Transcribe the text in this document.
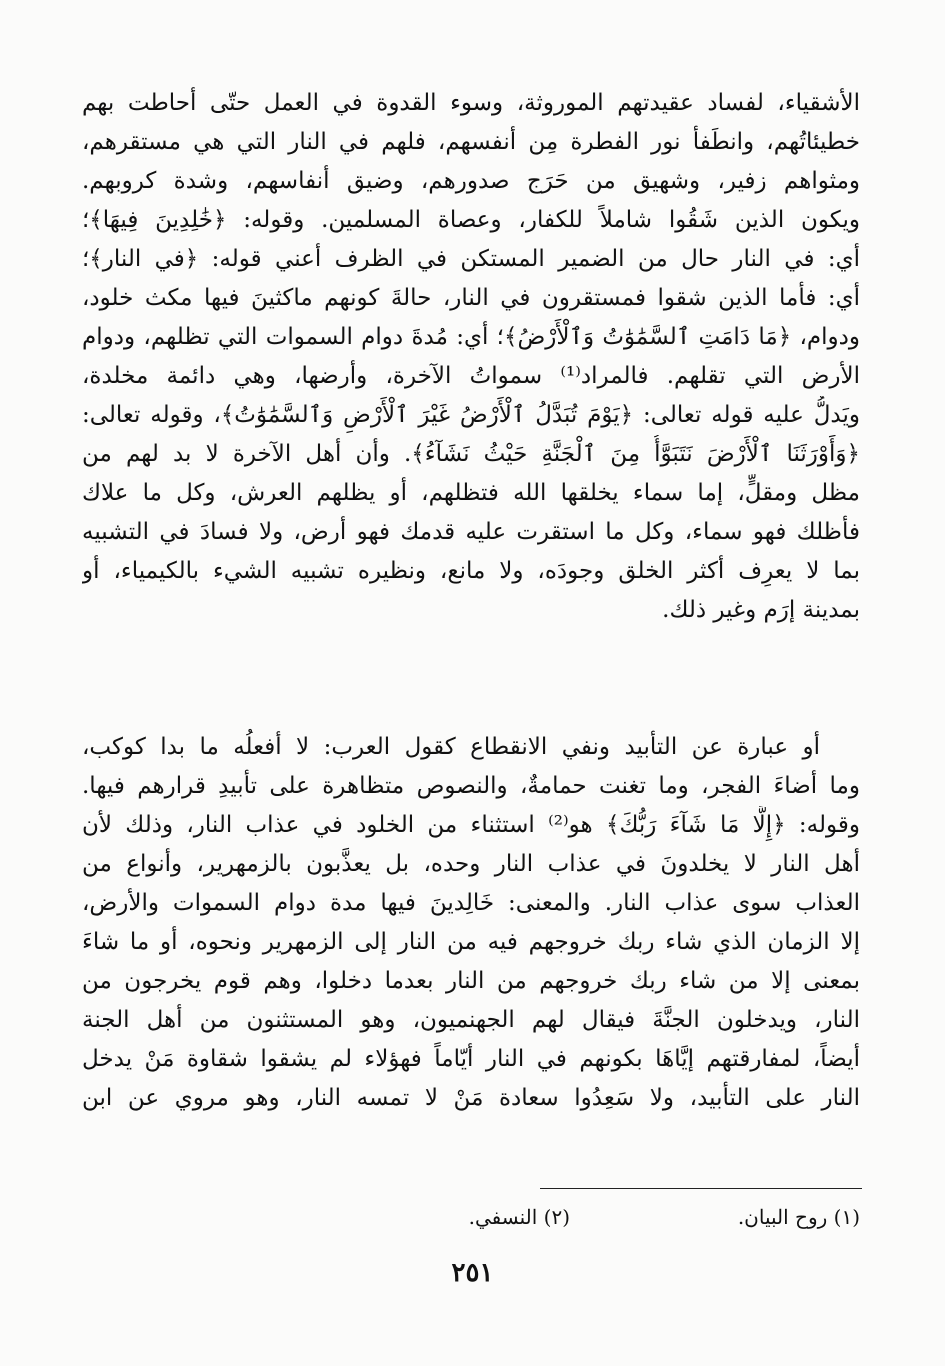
الأشقياء، لفساد عقيدتهم الموروثة، وسوء القدوة في العمل حتّى أحاطت بهم
خطيئاتُهم، وانطَفأ نور الفطرة مِن أنفسهم، فلهم في النار التي هي مستقرهم،
ومثواهم زفير، وشهيق من حَرَج صدورهم، وضيق أنفاسهم، وشدة كروبهم.
ويكون الذين شَقُوا شاملاً للكفار، وعصاة المسلمين. وقوله: ﴿خَٰلِدِينَ فِيهَا﴾؛
أي: في النار حال من الضمير المستكن في الظرف أعني قوله: ﴿في النار﴾؛
أي: فأما الذين شقوا فمستقرون في النار، حالةَ كونهم ماكثينَ فيها مكث خلود،
ودوام، ﴿مَا دَامَتِ ٱلسَّمَٰوَٰتُ وَٱلْأَرْضُ﴾؛ أي: مُدةَ دوام السموات التي تظلهم، ودوام
الأرض التي تقلهم. فالمراد⁽¹⁾ سمواتُ الآخرة، وأرضها، وهي دائمة مخلدة،
ويَدلُّ عليه قوله تعالى: ﴿يَوْمَ تُبَدَّلُ ٱلْأَرْضُ غَيْرَ ٱلْأَرْضِ وَٱلسَّمَٰوَٰتُ﴾، وقوله تعالى:
﴿وَأَوْرَثَنَا ٱلْأَرْضَ نَتَبَوَّأُ مِنَ ٱلْجَنَّةِ حَيْثُ نَشَآءُ﴾. وأن أهل الآخرة لا بد لهم من
مظل ومقلٍّ، إما سماء يخلقها الله فتظلهم، أو يظلهم العرش، وكل ما علاك
فأظلك فهو سماء، وكل ما استقرت عليه قدمك فهو أرض، ولا فسادَ في التشبيه
بما لا يعرِف أكثر الخلق وجودَه، ولا مانع، ونظيره تشبيه الشيء بالكيمياء، أو
بمدينة إرَم وغير ذلك.
أو عبارة عن التأبيد ونفي الانقطاع كقول العرب: لا أفعلُه ما بدا كوكب،
وما أضاءَ الفجر، وما تغنت حمامةٌ، والنصوص متظاهرة على تأبيدِ قرارهم فيها.
وقوله: ﴿إِلَّا مَا شَآءَ رَبُّكَ﴾ هو⁽²⁾ استثناء من الخلود في عذاب النار، وذلك لأن
أهل النار لا يخلدونَ في عذاب النار وحده، بل يعذَّبون بالزمهرير، وأنواع من
العذاب سوى عذاب النار. والمعنى: خَالِدينَ فيها مدة دوام السموات والأرض،
إلا الزمان الذي شاء ربك خروجهم فيه من النار إلى الزمهرير ونحوه، أو ما شاءَ
بمعنى إلا من شاء ربك خروجهم من النار بعدما دخلوا، وهم قوم يخرجون من
النار، ويدخلون الجنَّةَ فيقال لهم الجهنميون، وهو المستثنون من أهل الجنة
أيضاً، لمفارقتهم إيَّاهَا بكونهم في النار أيّاماً فهؤلاء لم يشقوا شقاوة مَنْ يدخل
النار على التأبيد، ولا سَعِدُوا سعادة مَنْ لا تمسه النار، وهو مروي عن ابن
(١) روح البيان.
(٢) النسفي.
٢٥١
